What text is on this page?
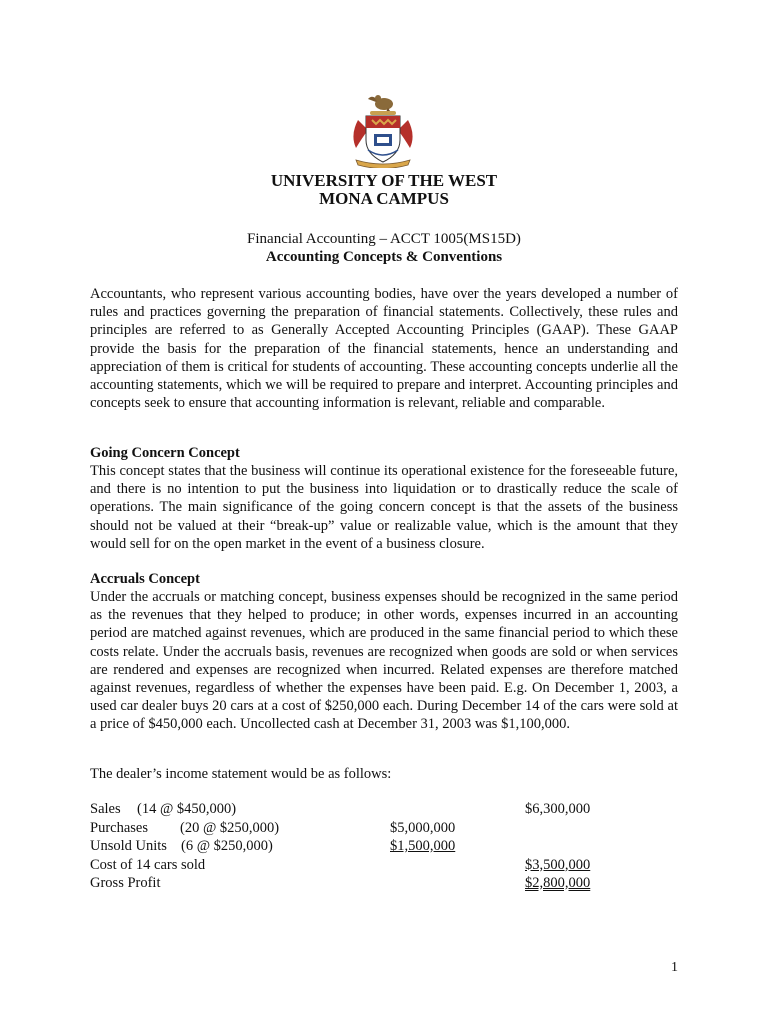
UNIVERSITY OF THE WEST
MONA CAMPUS
Financial Accounting – ACCT 1005(MS15D)
Accounting Concepts & Conventions

Accountants, who represent various accounting bodies, have over the years developed a number of rules and practices governing the preparation of financial statements. Collectively, these rules and principles are referred to as Generally Accepted Accounting Principles (GAAP). These GAAP provide the basis for the preparation of the financial statements, hence an understanding and appreciation of them is critical for students of accounting. These accounting concepts underlie all the accounting statements, which we will be required to prepare and interpret. Accounting principles and concepts seek to ensure that accounting information is relevant, reliable and comparable.

Going Concern Concept

This concept states that the business will continue its operational existence for the foreseeable future, and there is no intention to put the business into liquidation or to drastically reduce the scale of operations. The main significance of the going concern concept is that the assets of the business should not be valued at their “break-up” value or realizable value, which is the amount that they would sell for on the open market in the event of a business closure.

Accruals Concept

Under the accruals or matching concept, business expenses should be recognized in the same period as the revenues that they helped to produce; in other words, expenses incurred in an accounting period are matched against revenues, which are produced in the same financial period to which these costs relate. Under the accruals basis, revenues are recognized when goods are sold or when services are rendered and expenses are recognized when incurred. Related expenses are therefore matched against revenues, regardless of whether the expenses have been paid. E.g. On December 1, 2003, a used car dealer buys 20 cars at a cost of $250,000 each. During December 14 of the cars were sold at a price of $450,000 each. Uncollected cash at December 31, 2003 was $1,100,000.

The dealer’s income statement would be as follows:
Sales (14 @ $450,000)	$6,300,000
Purchases (20 @ $250,000)	$5,000,000
Unsold Units (6 @ $250,000)	$1,500,000
Cost of 14 cars sold	$3,500,000
Gross Profit	$2,800,000
1
